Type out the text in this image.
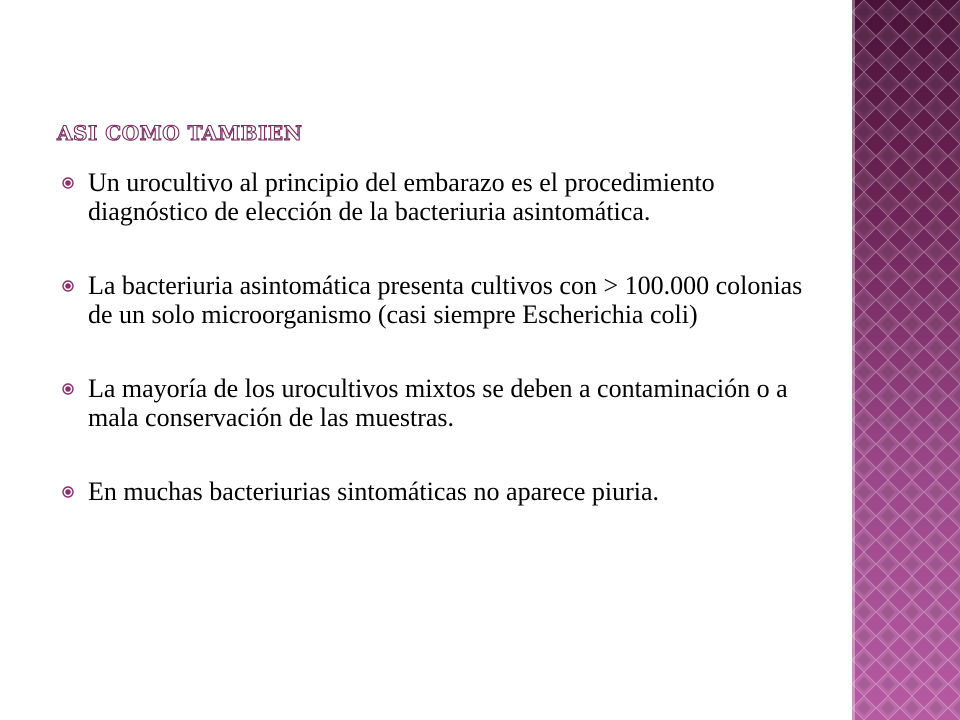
ASI COMO TAMBIEN
Un urocultivo al principio del embarazo es el procedimiento diagnóstico de elección de la bacteriuria asintomática.
La bacteriuria asintomática presenta cultivos con > 100.000 colonias de un solo microorganismo (casi siempre Escherichia coli)
La mayoría de los urocultivos mixtos se deben a contaminación o a mala conservación de las muestras.
En muchas bacteriurias sintomáticas no aparece piuria.
